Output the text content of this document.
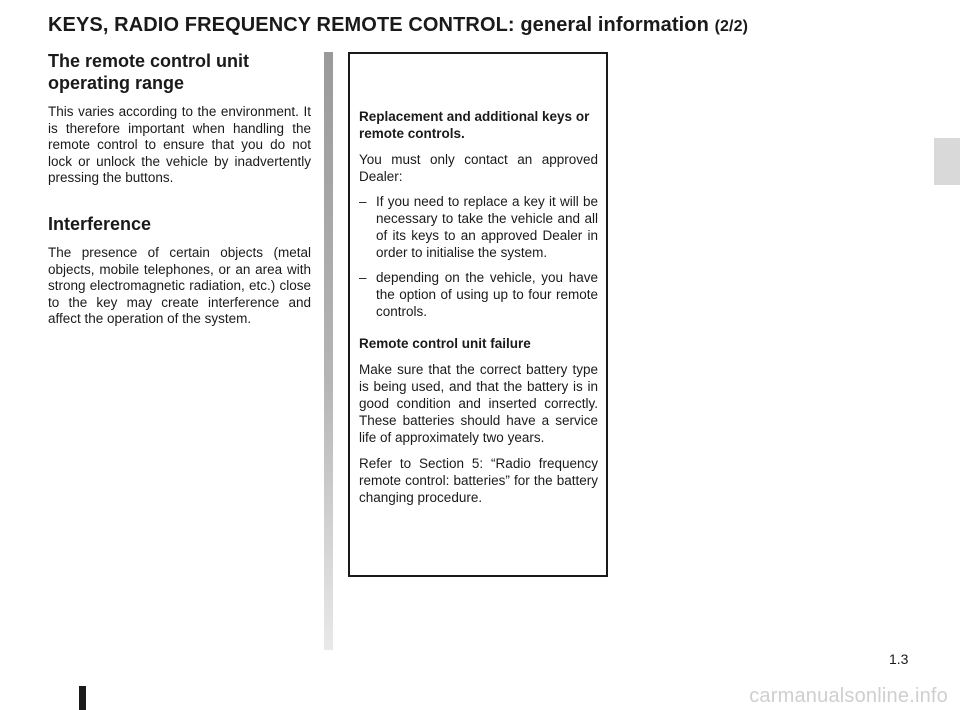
KEYS, RADIO FREQUENCY REMOTE CONTROL: general information (2/2)
The remote control unit
operating range

This varies according to the environment. It is therefore important when handling the remote control to ensure that you do not lock or unlock the vehicle by inadvertently pressing the buttons.

Interference

The presence of certain objects (metal objects, mobile telephones, or an area with strong electromagnetic radiation, etc.) close to the key may create interference and affect the operation of the system.

Replacement and additional keys or remote controls.

You must only contact an approved Dealer:

– If you need to replace a key it will be necessary to take the vehicle and all of its keys to an approved Dealer in order to initialise the system.
– depending on the vehicle, you have the option of using up to four remote controls.

Remote control unit failure

Make sure that the correct battery type is being used, and that the battery is in good condition and inserted correctly. These batteries should have a service life of approximately two years.

Refer to Section 5: “Radio frequency remote control: batteries” for the battery changing procedure.

1.3
carmanualsonline.info
